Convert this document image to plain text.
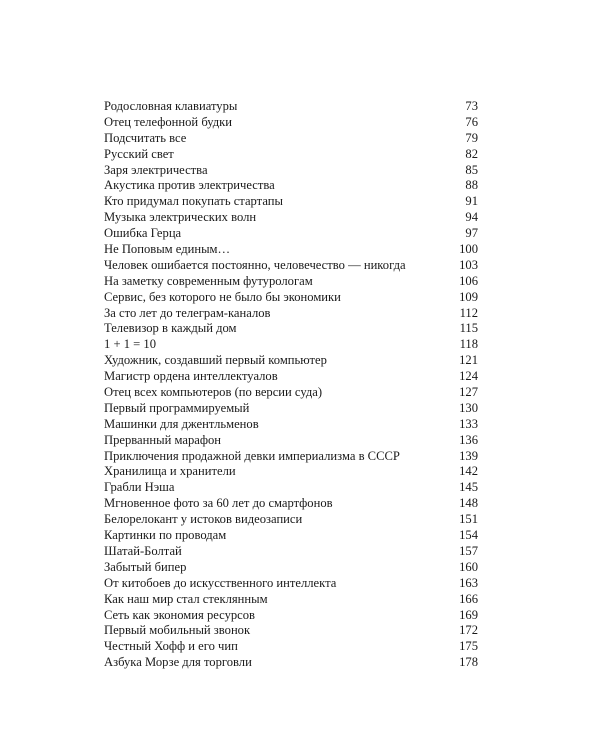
Родословная клавиатуры	73
Отец телефонной будки	76
Подсчитать все	79
Русский свет	82
Заря электричества	85
Акустика против электричества	88
Кто придумал покупать стартапы	91
Музыка электрических волн	94
Ошибка Герца	97
Не Поповым единым…	100
Человек ошибается постоянно, человечество — никогда	103
На заметку современным футурологам	106
Сервис, без которого не было бы экономики	109
За сто лет до телеграм-каналов	112
Телевизор в каждый дом	115
1 + 1 = 10	118
Художник, создавший первый компьютер	121
Магистр ордена интеллектуалов	124
Отец всех компьютеров (по версии суда)	127
Первый программируемый	130
Машинки для джентльменов	133
Прерванный марафон	136
Приключения продажной девки империализма в СССР	139
Хранилища и хранители	142
Грабли Нэша	145
Мгновенное фото за 60 лет до смартфонов	148
Белорелокант у истоков видеозаписи	151
Картинки по проводам	154
Шатай-Болтай	157
Забытый бипер	160
От китобоев до искусственного интеллекта	163
Как наш мир стал стеклянным	166
Сеть как экономия ресурсов	169
Первый мобильный звонок	172
Честный Хофф и его чип	175
Азбука Морзе для торговли	178
